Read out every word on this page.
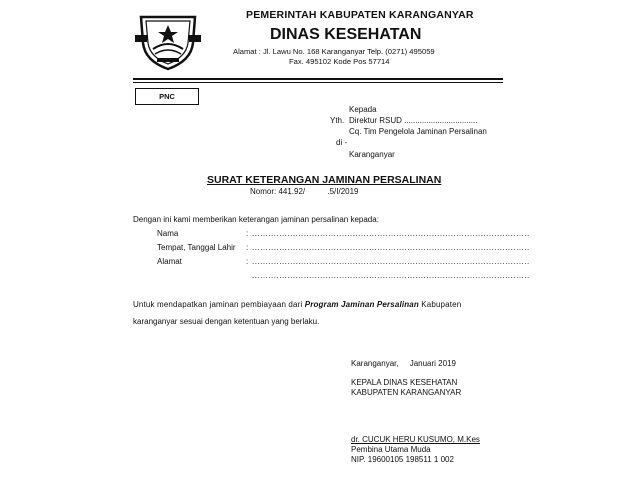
PEMERINTAH KABUPATEN KARANGANYAR
DINAS KESEHATAN
Alamat : Jl. Lawu No. 168 Karanganyar Telp. (0271) 495059
Fax. 495102 Kode Pos 57714
PNC
Kepada
Yth. Direktur RSUD .................................
Cq. Tim Pengelola Jaminan Persalinan
di -
Karanganyar
SURAT KETERANGAN JAMINAN PERSALINAN
Nomor: 441.92/          .5/I/2019
Dengan ini kami memberikan keterangan jaminan persalinan kepada:
Nama	: ......................................................................................................
Tempat, Tanggal Lahir : ......................................................................................................
Alamat	: ......................................................................................................
......................................................................................................
Untuk mendapatkan jaminan pembiayaan dari Program Jaminan Persalinan Kabupaten
karanganyar sesuai dengan ketentuan yang berlaku.
Karanganyar,     Januari 2019
KEPALA DINAS KESEHATAN
KABUPATEN KARANGANYAR
dr. CUCUK HERU KUSUMO, M.Kes
Pembina Utama Muda
NIP. 19600105 198511 1 002
